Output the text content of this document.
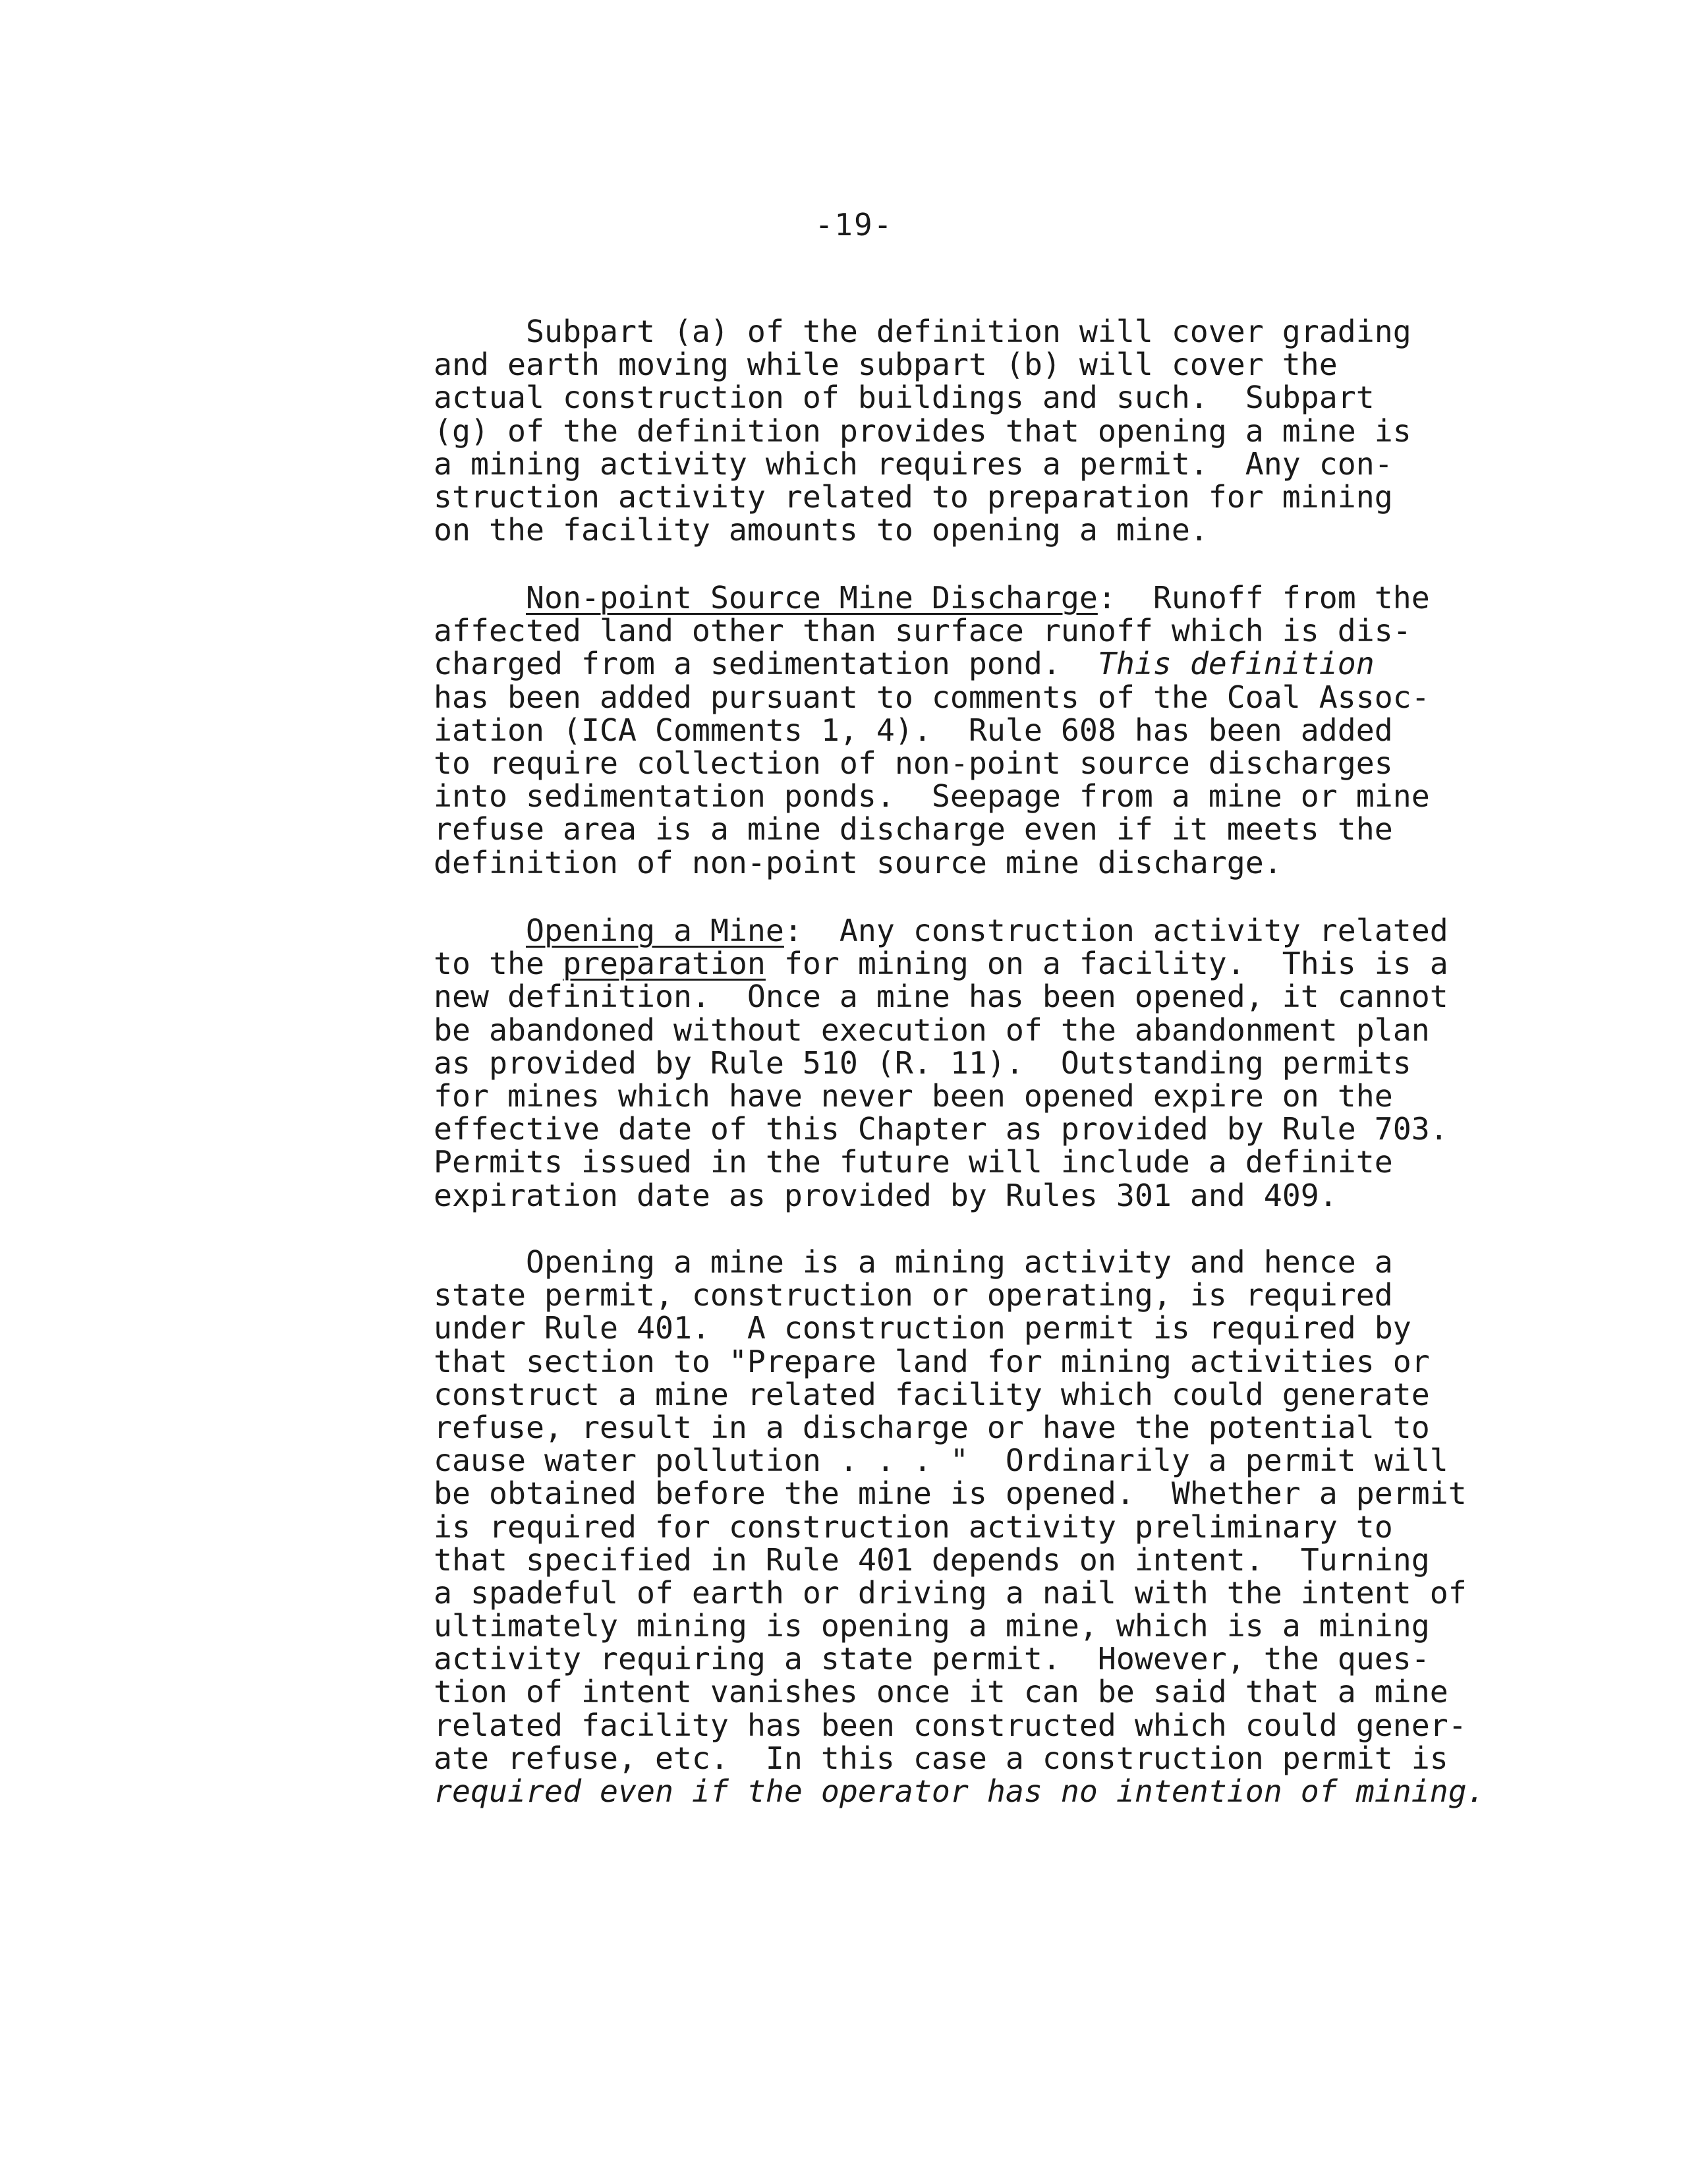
-19-
Subpart (a) of the definition will cover grading
and earth moving while subpart (b) will cover the
actual construction of buildings and such.  Subpart
(g) of the definition provides that opening a mine is
a mining activity which requires a permit.  Any con-
struction activity related to preparation for mining
on the facility amounts to opening a mine.
Non-point Source Mine Discharge:  Runoff from the
affected land other than surface runoff which is dis-
charged from a sedimentation pond.  This definition
has been added pursuant to comments of the Coal Assoc-
iation (ICA Comments 1, 4).  Rule 608 has been added
to require collection of non-point source discharges
into sedimentation ponds.  Seepage from a mine or mine
refuse area is a mine discharge even if it meets the
definition of non-point source mine discharge.
Opening a Mine:  Any construction activity related
to the preparation for mining on a facility.  This is a
new definition.  Once a mine has been opened, it cannot
be abandoned without execution of the abandonment plan
as provided by Rule 510 (R. 11).  Outstanding permits
for mines which have never been opened expire on the
effective date of this Chapter as provided by Rule 703.
Permits issued in the future will include a definite
expiration date as provided by Rules 301 and 409.
Opening a mine is a mining activity and hence a
state permit, construction or operating, is required
under Rule 401.  A construction permit is required by
that section to "Prepare land for mining activities or
construct a mine related facility which could generate
refuse, result in a discharge or have the potential to
cause water pollution . . . "  Ordinarily a permit will
be obtained before the mine is opened.  Whether a permit
is required for construction activity preliminary to
that specified in Rule 401 depends on intent.  Turning
a spadeful of earth or driving a nail with the intent of
ultimately mining is opening a mine, which is a mining
activity requiring a state permit.  However, the ques-
tion of intent vanishes once it can be said that a mine
related facility has been constructed which could gener-
ate refuse, etc.  In this case a construction permit is
required even if the operator has no intention of mining.
